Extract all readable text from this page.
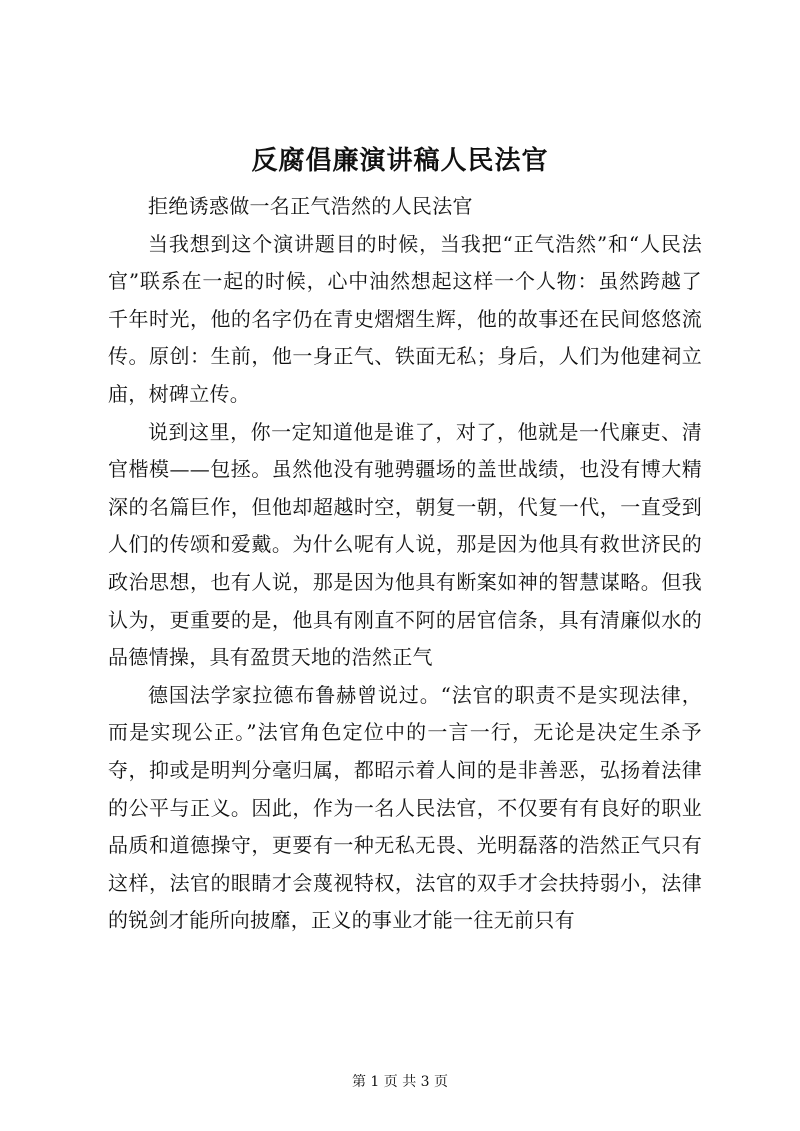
反腐倡廉演讲稿人民法官

拒绝诱惑做一名正气浩然的人民法官

当我想到这个演讲题目的时候，当我把“正气浩然”和“人民法官”联系在一起的时候，心中油然想起这样一个人物：虽然跨越了千年时光，他的名字仍在青史熠熠生辉，他的故事还在民间悠悠流传。原创：生前，他一身正气、铁面无私；身后，人们为他建祠立庙，树碑立传。

说到这里，你一定知道他是谁了，对了，他就是一代廉吏、清官楷模——包拯。虽然他没有驰骋疆场的盖世战绩，也没有博大精深的名篇巨作，但他却超越时空，朝复一朝，代复一代，一直受到人们的传颂和爱戴。为什么呢有人说，那是因为他具有救世济民的政治思想，也有人说，那是因为他具有断案如神的智慧谋略。但我认为，更重要的是，他具有刚直不阿的居官信条，具有清廉似水的品德情操，具有盈贯天地的浩然正气

德国法学家拉德布鲁赫曾说过。“法官的职责不是实现法律，而是实现公正。”法官角色定位中的一言一行，无论是决定生杀予夺，抑或是明判分毫归属，都昭示着人间的是非善恶，弘扬着法律的公平与正义。因此，作为一名人民法官，不仅要有有良好的职业品质和道德操守，更要有一种无私无畏、光明磊落的浩然正气只有这样，法官的眼睛才会蔑视特权，法官的双手才会扶持弱小，法律的锐剑才能所向披靡，正义的事业才能一往无前只有

第 1 页 共 3 页
